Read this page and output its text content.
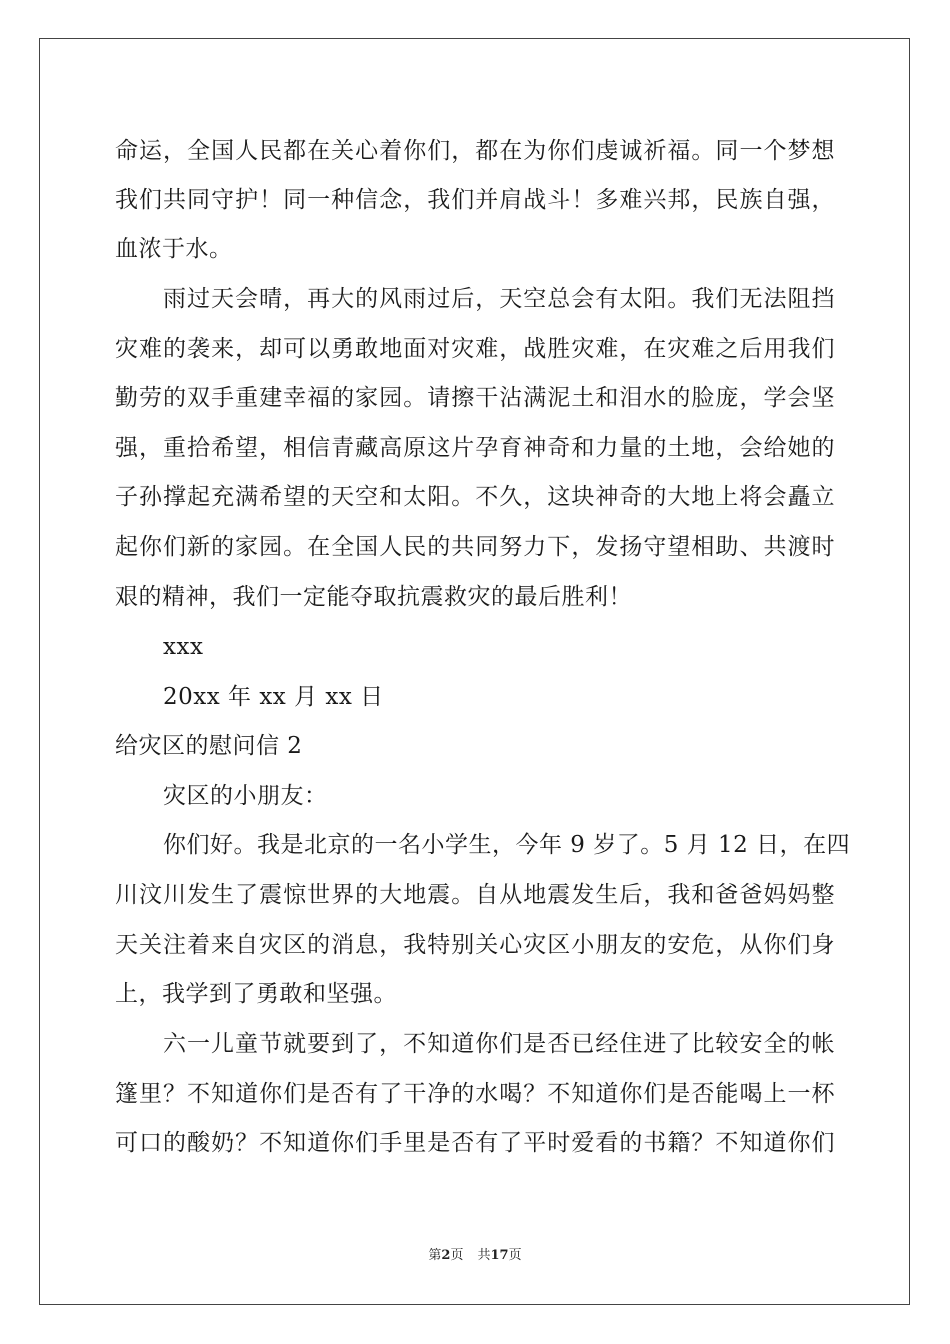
命运，全国人民都在关心着你们，都在为你们虔诚祈福。同一个梦想
我们共同守护！同一种信念，我们并肩战斗！多难兴邦，民族自强，
血浓于水。
雨过天会晴，再大的风雨过后，天空总会有太阳。我们无法阻挡
灾难的袭来，却可以勇敢地面对灾难，战胜灾难，在灾难之后用我们
勤劳的双手重建幸福的家园。请擦干沾满泥土和泪水的脸庞，学会坚
强，重拾希望，相信青藏高原这片孕育神奇和力量的土地，会给她的
子孙撑起充满希望的天空和太阳。不久，这块神奇的大地上将会矗立
起你们新的家园。在全国人民的共同努力下，发扬守望相助、共渡时
艰的精神，我们一定能夺取抗震救灾的最后胜利！
xxx
20xx 年 xx 月 xx 日
给灾区的慰问信 2
灾区的小朋友：
你们好。我是北京的一名小学生，今年 9 岁了。5 月 12 日，在四
川汶川发生了震惊世界的大地震。自从地震发生后，我和爸爸妈妈整
天关注着来自灾区的消息，我特别关心灾区小朋友的安危，从你们身
上，我学到了勇敢和坚强。
六一儿童节就要到了，不知道你们是否已经住进了比较安全的帐
篷里？不知道你们是否有了干净的水喝？不知道你们是否能喝上一杯
可口的酸奶？不知道你们手里是否有了平时爱看的书籍？不知道你们
第2页 共17页
